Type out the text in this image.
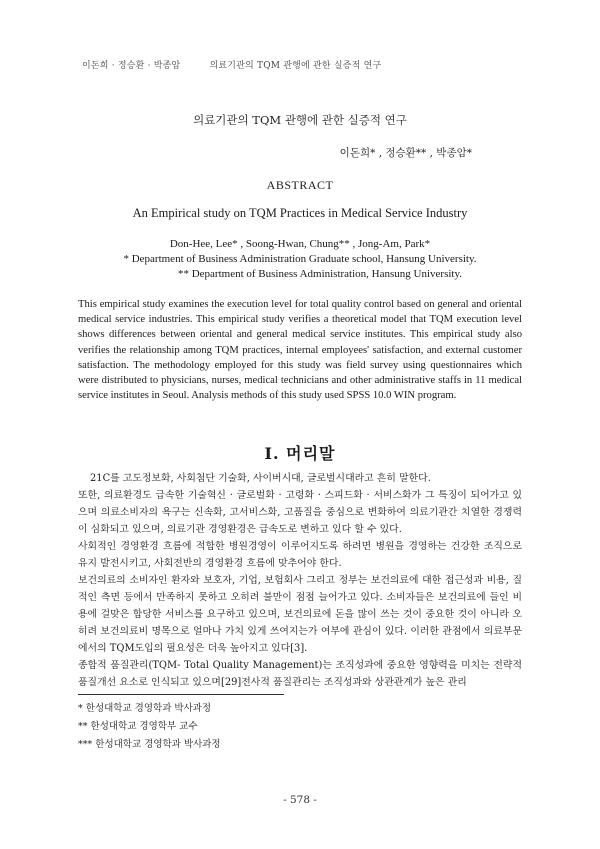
이돈희 · 정승환 · 박종암	의료기관의 TQM 관행에 관한 실증적 연구
의료기관의 TQM 관행에 관한 실증적 연구
이돈희* , 정승환** , 박종암*
ABSTRACT
An Empirical study on TQM Practices in Medical Service Industry
Don-Hee, Lee* , Soong-Hwan, Chung** , Jong-Am, Park*
* Department of Business Administration Graduate school, Hansung University.
** Department of Business Administration, Hansung University.
This empirical study examines the execution level for total quality control based on general and oriental medical service industries. This empirical study verifies a theoretical model that TQM execution level shows differences between oriental and general medical service institutes. This empirical study also verifies the relationship among TQM practices, internal employees' satisfaction, and external customer satisfaction. The methodology employed for this study was field survey using questionnaires which were distributed to physicians, nurses, medical technicians and other administrative staffs in 11 medical service institutes in Seoul. Analysis methods of this study used SPSS 10.0 WIN program.
I. 머리말

21C를 고도정보화, 사회첨단 기술화, 사이버시대, 글로벌시대라고 흔히 말한다.

또한, 의료환경도 급속한 기술혁신 · 글로벌화 · 고령화 · 스피드화 · 서비스화가 그 특징이 되어가고 있으며 의료소비자의 욕구는 신속화, 고서비스화, 고품질을 중심으로 변화하여 의료기관간 치열한 경쟁력이 심화되고 있으며, 의료기관 경영환경은 급속도로 변하고 있다 할 수 있다.

사회적인 경영환경 흐름에 적합한 병원경영이 이루어지도록 하려면 병원을 경영하는 건강한 조직으로 유지 발전시키고, 사회전반의 경영환경 흐름에 맞추어야 한다.

보건의료의 소비자인 환자와 보호자, 기업, 보험회사 그리고 정부는 보건의료에 대한 접근성과 비용, 질적인 측면 등에서 만족하지 못하고 오히려 불만이 점점 늘어가고 있다. 소비자들은 보건의료에 들인 비용에 걸맞은 합당한 서비스를 요구하고 있으며, 보건의료에 돈을 많이 쓰는 것이 중요한 것이 아니라 오히려 보건의료비 명목으로 얼마나 가치 있게 쓰여지는가 여부에 관심이 있다. 이러한 관점에서 의료부문에서의 TQM도입의 필요성은 더욱 높아지고 있다[3].

종합적 품질관리(TQM- Total Quality Management)는 조직성과에 중요한 영향력을 미치는 전략적 품질개선 요소로 인식되고 있으며[29]전사적 품질관리는 조직성과와 상관관계가 높은 관리

* 한성대학교 경영학과 박사과정
** 한성대학교 경영학부 교수
*** 한성대학교 경영학과 박사과정
- 578 -
